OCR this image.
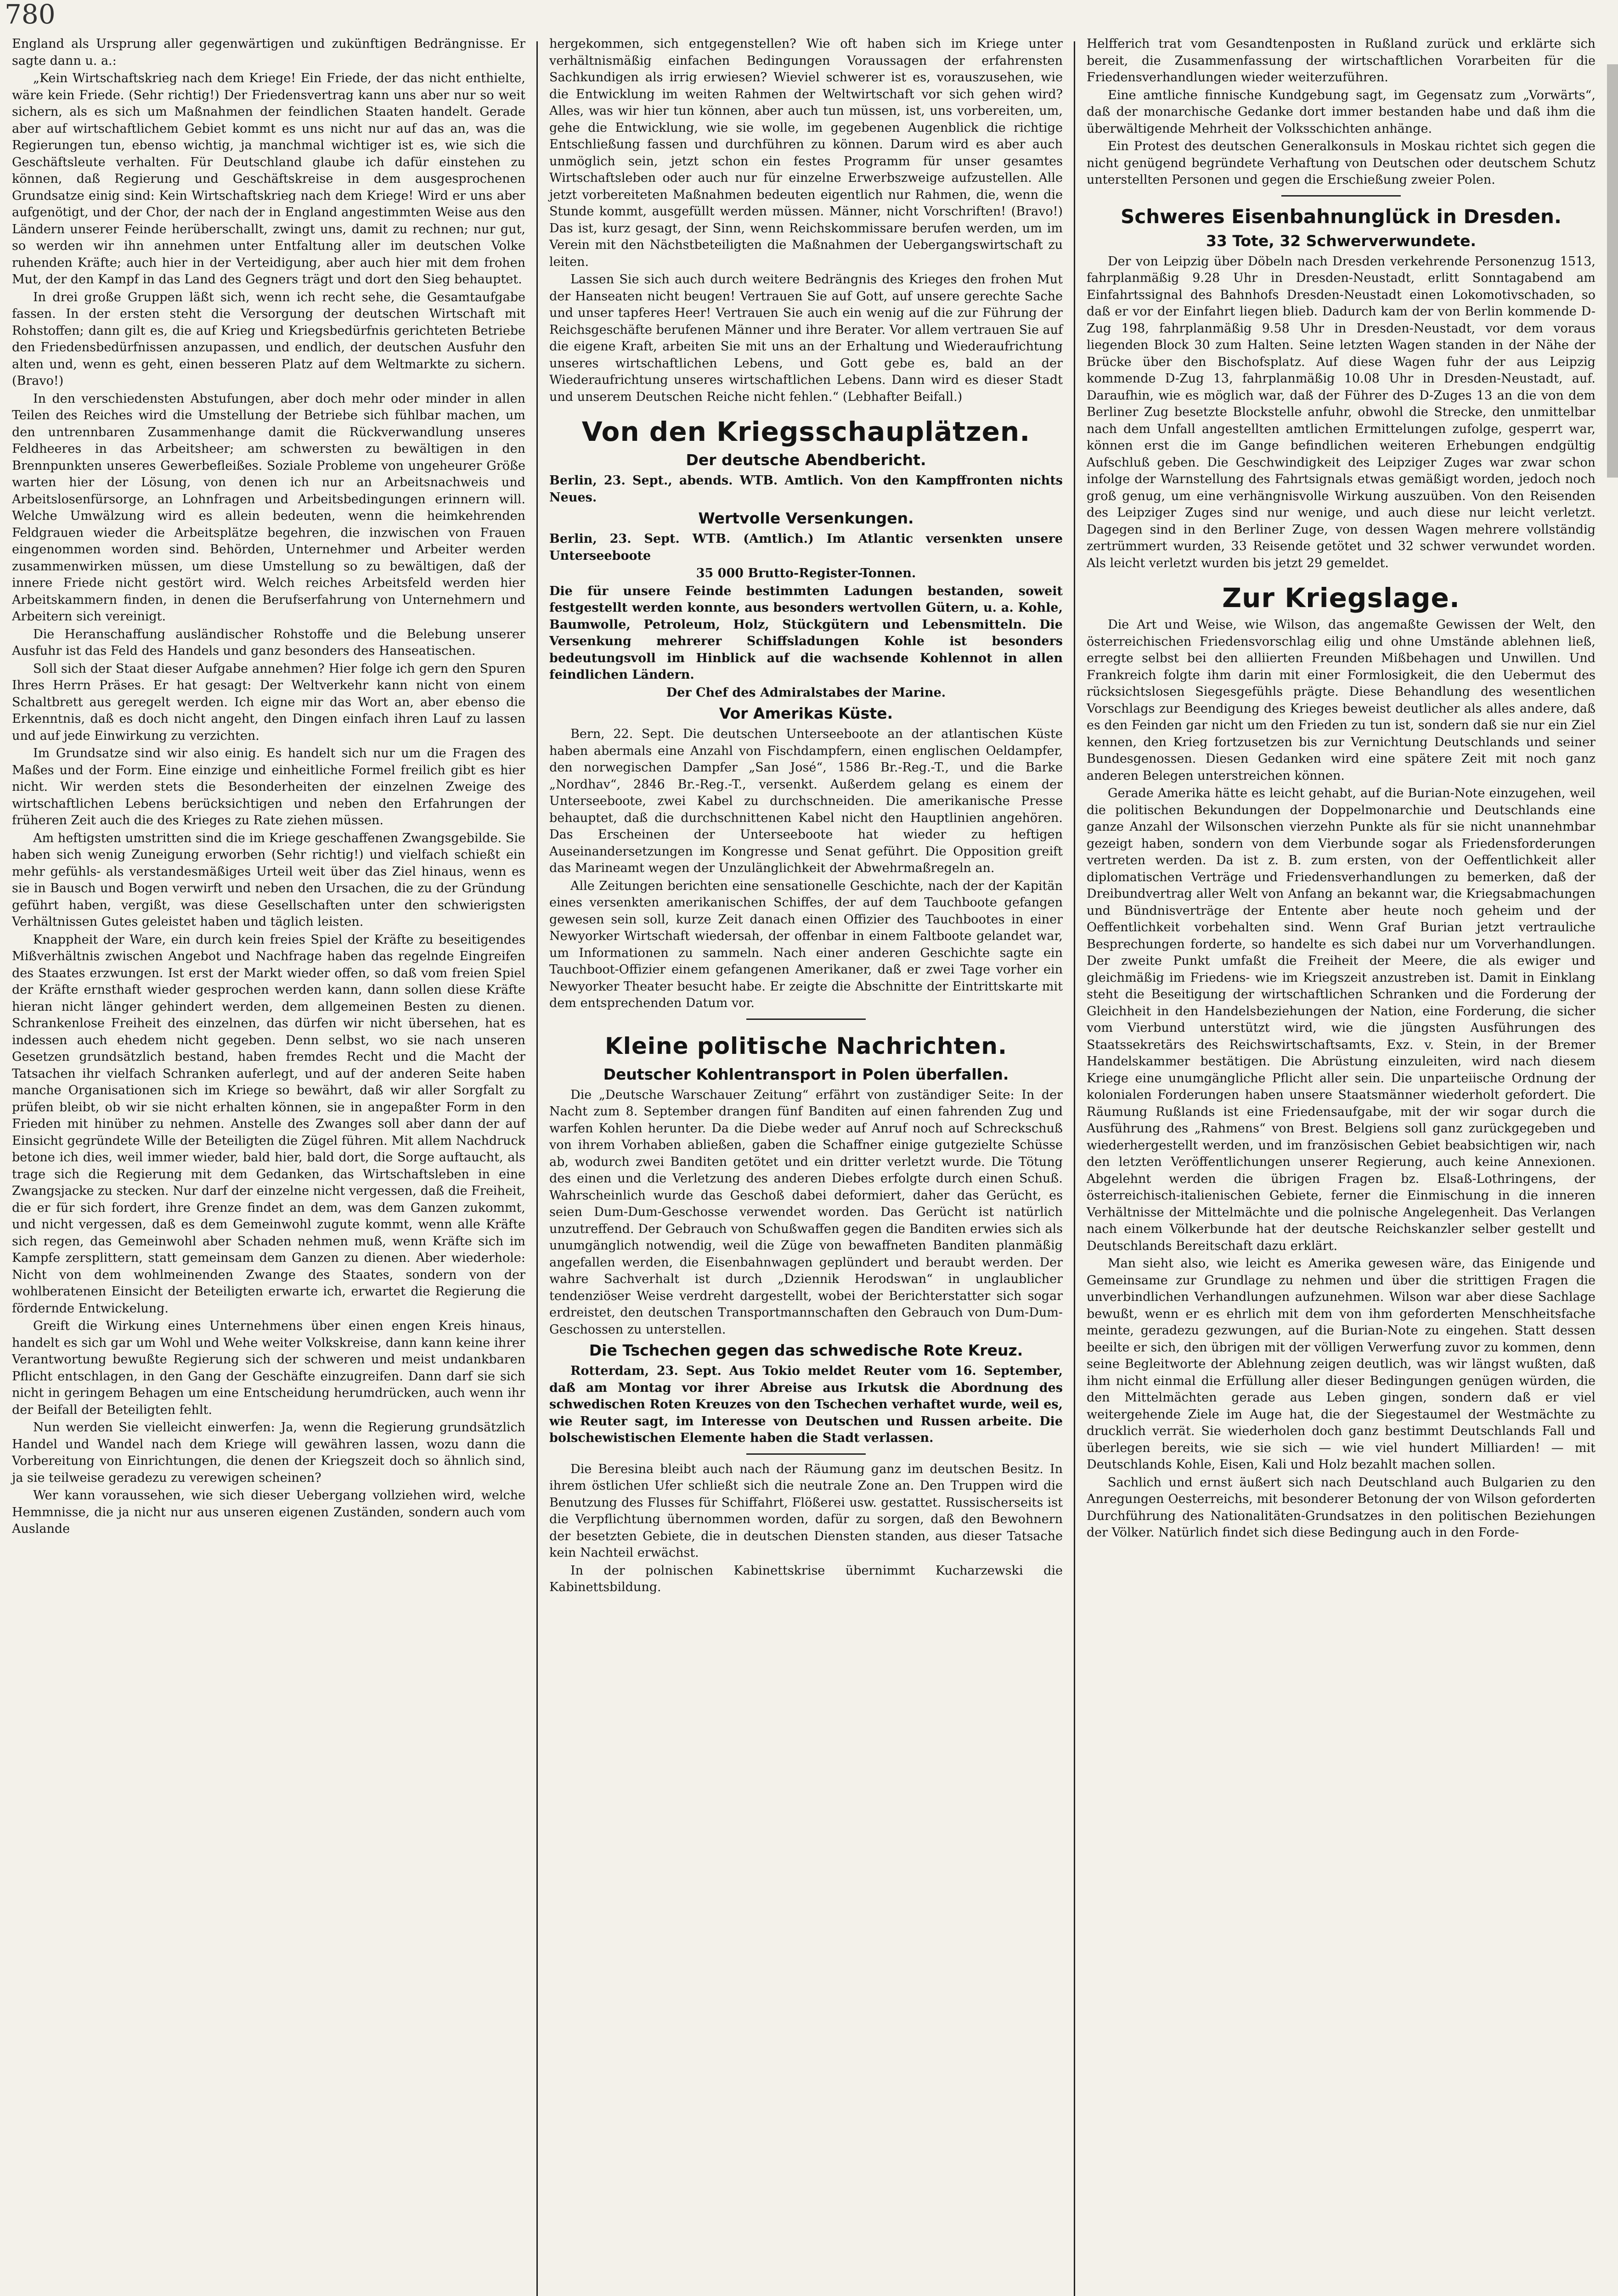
780

England als Ursprung aller gegenwärtigen und zukünftigen Bedrängnisse. Er sagte dann u. a.:

„Kein Wirtschaftskrieg nach dem Kriege! Ein Friede, der das nicht enthielte, wäre kein Friede. (Sehr richtig!) Der Friedensvertrag kann uns aber nur so weit sichern, als es sich um Maßnahmen der feindlichen Staaten handelt. Gerade aber auf wirtschaftlichem Gebiet kommt es uns nicht nur auf das an, was die Regierungen tun, ebenso wichtig, ja manchmal wichtiger ist es, wie sich die Geschäftsleute verhalten. Für Deutschland glaube ich dafür einstehen zu können, daß Regierung und Geschäftskreise in dem ausgesprochenen Grundsatze einig sind: Kein Wirtschaftskrieg nach dem Kriege! Wird er uns aber aufgenötigt, und der Chor, der nach der in England angestimmten Weise aus den Ländern unserer Feinde herüberschallt, zwingt uns, damit zu rechnen; nur gut, so werden wir ihn annehmen unter Entfaltung aller im deutschen Volke ruhenden Kräfte; auch hier in der Verteidigung, aber auch hier mit dem frohen Mut, der den Kampf in das Land des Gegners trägt und dort den Sieg behauptet.

In drei große Gruppen läßt sich, wenn ich recht sehe, die Gesamtaufgabe fassen. In der ersten steht die Versorgung der deutschen Wirtschaft mit Rohstoffen; dann gilt es, die auf Krieg und Kriegsbedürfnis gerichteten Betriebe den Friedensbedürfnissen anzupassen, und endlich, der deutschen Ausfuhr den alten und, wenn es geht, einen besseren Platz auf dem Weltmarkte zu sichern. (Bravo!)

In den verschiedensten Abstufungen, aber doch mehr oder minder in allen Teilen des Reiches wird die Umstellung der Betriebe sich fühlbar machen, um den untrennbaren Zusammenhange damit die Rückverwandlung unseres Feldheeres in das Arbeitsheer; am schwersten zu bewältigen in den Brennpunkten unseres Gewerbefleißes. Soziale Probleme von ungeheurer Größe warten hier der Lösung, von denen ich nur an Arbeitsnachweis und Arbeitslosenfürsorge, an Lohnfragen und Arbeitsbedingungen erinnern will. Welche Umwälzung wird es allein bedeuten, wenn die heimkehrenden Feldgrauen wieder die Arbeitsplätze begehren, die inzwischen von Frauen eingenommen worden sind. Behörden, Unternehmer und Arbeiter werden zusammenwirken müssen, um diese Umstellung so zu bewältigen, daß der innere Friede nicht gestört wird. Welch reiches Arbeitsfeld werden hier Arbeitskammern finden, in denen die Berufserfahrung von Unternehmern und Arbeitern sich vereinigt.

Die Heranschaffung ausländischer Rohstoffe und die Belebung unserer Ausfuhr ist das Feld des Handels und ganz besonders des Hanseatischen.

Soll sich der Staat dieser Aufgabe annehmen? Hier folge ich gern den Spuren Ihres Herrn Präses. Er hat gesagt: Der Weltverkehr kann nicht von einem Schaltbrett aus geregelt werden. Ich eigne mir das Wort an, aber ebenso die Erkenntnis, daß es doch nicht angeht, den Dingen einfach ihren Lauf zu lassen und auf jede Einwirkung zu verzichten.

Im Grundsatze sind wir also einig. Es handelt sich nur um die Fragen des Maßes und der Form. Eine einzige und einheitliche Formel freilich gibt es hier nicht. Wir werden stets die Besonderheiten der einzelnen Zweige des wirtschaftlichen Lebens berücksichtigen und neben den Erfahrungen der früheren Zeit auch die des Krieges zu Rate ziehen müssen.

Am heftigsten umstritten sind die im Kriege geschaffenen Zwangsgebilde. Sie haben sich wenig Zuneigung erworben (Sehr richtig!) und vielfach schießt ein mehr gefühls- als verstandesmäßiges Urteil weit über das Ziel hinaus, wenn es sie in Bausch und Bogen verwirft und neben den Ursachen, die zu der Gründung geführt haben, vergißt, was diese Gesellschaften unter den schwierigsten Verhältnissen Gutes geleistet haben und täglich leisten.

Knappheit der Ware, ein durch kein freies Spiel der Kräfte zu beseitigendes Mißverhältnis zwischen Angebot und Nachfrage haben das regelnde Eingreifen des Staates erzwungen. Ist erst der Markt wieder offen, so daß vom freien Spiel der Kräfte ernsthaft wieder gesprochen werden kann, dann sollen diese Kräfte hieran nicht länger gehindert werden, dem allgemeinen Besten zu dienen. Schrankenlose Freiheit des einzelnen, das dürfen wir nicht übersehen, hat es indessen auch ehedem nicht gegeben. Denn selbst, wo sie nach unseren Gesetzen grundsätzlich bestand, haben fremdes Recht und die Macht der Tatsachen ihr vielfach Schranken auferlegt, und auf der anderen Seite haben manche Organisationen sich im Kriege so bewährt, daß wir aller Sorgfalt zu prüfen bleibt, ob wir sie nicht erhalten können, sie in angepaßter Form in den Frieden mit hinüber zu nehmen. Anstelle des Zwanges soll aber dann der auf Einsicht gegründete Wille der Beteiligten die Zügel führen. Mit allem Nachdruck betone ich dies, weil immer wieder, bald hier, bald dort, die Sorge auftaucht, als trage sich die Regierung mit dem Gedanken, das Wirtschaftsleben in eine Zwangsjacke zu stecken. Nur darf der einzelne nicht vergessen, daß die Freiheit, die er für sich fordert, ihre Grenze findet an dem, was dem Ganzen zukommt, und nicht vergessen, daß es dem Gemeinwohl zugute kommt, wenn alle Kräfte sich regen, das Gemeinwohl aber Schaden nehmen muß, wenn Kräfte sich im Kampfe zersplittern, statt gemeinsam dem Ganzen zu dienen. Aber wiederhole: Nicht von dem wohlmeinenden Zwange des Staates, sondern von der wohlberatenen Einsicht der Beteiligten erwarte ich, erwartet die Regierung die fördernde Entwickelung.

Greift die Wirkung eines Unternehmens über einen engen Kreis hinaus, handelt es sich gar um Wohl und Wehe weiter Volkskreise, dann kann keine ihrer Verantwortung bewußte Regierung sich der schweren und meist undankbaren Pflicht entschlagen, in den Gang der Geschäfte einzugreifen. Dann darf sie sich nicht in geringem Behagen um eine Entscheidung herumdrücken, auch wenn ihr der Beifall der Beteiligten fehlt.

Nun werden Sie vielleicht einwerfen: Ja, wenn die Regierung grundsätzlich Handel und Wandel nach dem Kriege will gewähren lassen, wozu dann die Vorbereitung von Einrichtungen, die denen der Kriegszeit doch so ähnlich sind, ja sie teilweise geradezu zu verewigen scheinen?

Wer kann voraussehen, wie sich dieser Uebergang vollziehen wird, welche Hemmnisse, die ja nicht nur aus unseren eigenen Zuständen, sondern auch vom Auslande

hergekommen, sich entgegenstellen? Wie oft haben sich im Kriege unter verhältnismäßig einfachen Bedingungen Voraussagen der erfahrensten Sachkundigen als irrig erwiesen? Wieviel schwerer ist es, vorauszusehen, wie die Entwicklung im weiten Rahmen der Weltwirtschaft vor sich gehen wird? Alles, was wir hier tun können, aber auch tun müssen, ist, uns vorbereiten, um, gehe die Entwicklung, wie sie wolle, im gegebenen Augenblick die richtige Entschließung fassen und durchführen zu können. Darum wird es aber auch unmöglich sein, jetzt schon ein festes Programm für unser gesamtes Wirtschaftsleben oder auch nur für einzelne Erwerbszweige aufzustellen. Alle jetzt vorbereiteten Maßnahmen bedeuten eigentlich nur Rahmen, die, wenn die Stunde kommt, ausgefüllt werden müssen. Männer, nicht Vorschriften! (Bravo!) Das ist, kurz gesagt, der Sinn, wenn Reichskommissare berufen werden, um im Verein mit den Nächstbeteiligten die Maßnahmen der Uebergangswirtschaft zu leiten.

Lassen Sie sich auch durch weitere Bedrängnis des Krieges den frohen Mut der Hanseaten nicht beugen! Vertrauen Sie auf Gott, auf unsere gerechte Sache und unser tapferes Heer! Vertrauen Sie auch ein wenig auf die zur Führung der Reichsgeschäfte berufenen Männer und ihre Berater. Vor allem vertrauen Sie auf die eigene Kraft, arbeiten Sie mit uns an der Erhaltung und Wiederaufrichtung unseres wirtschaftlichen Lebens, und Gott gebe es, bald an der Wiederaufrichtung unseres wirtschaftlichen Lebens. Dann wird es dieser Stadt und unserem Deutschen Reiche nicht fehlen.“ (Lebhafter Beifall.)

Von den Kriegsschauplätzen.
Der deutsche Abendbericht.

Berlin, 23. Sept., abends. WTB. Amtlich. Von den Kampffronten nichts Neues.

Wertvolle Versenkungen.

Berlin, 23. Sept. WTB. (Amtlich.) Im Atlantic versenkten unsere Unterseeboote

35 000 Brutto-Register-Tonnen.

Die für unsere Feinde bestimmten Ladungen bestanden, soweit festgestellt werden konnte, aus besonders wertvollen Gütern, u. a. Kohle, Baumwolle, Petroleum, Holz, Stückgütern und Lebensmitteln. Die Versenkung mehrerer Schiffsladungen Kohle ist besonders bedeutungsvoll im Hinblick auf die wachsende Kohlennot in allen feindlichen Ländern.

Der Chef des Admiralstabes der Marine.

Vor Amerikas Küste.

Bern, 22. Sept. Die deutschen Unterseeboote an der atlantischen Küste haben abermals eine Anzahl von Fischdampfern, einen englischen Oeldampfer, den norwegischen Dampfer „San José“, 1586 Br.-Reg.-T., und die Barke „Nordhav“, 2846 Br.-Reg.-T., versenkt. Außerdem gelang es einem der Unterseeboote, zwei Kabel zu durchschneiden. Die amerikanische Presse behauptet, daß die durchschnittenen Kabel nicht den Hauptlinien angehören. Das Erscheinen der Unterseeboote hat wieder zu heftigen Auseinandersetzungen im Kongresse und Senat geführt. Die Opposition greift das Marineamt wegen der Unzulänglichkeit der Abwehrmaßregeln an.

Alle Zeitungen berichten eine sensationelle Geschichte, nach der der Kapitän eines versenkten amerikanischen Schiffes, der auf dem Tauchboote gefangen gewesen sein soll, kurze Zeit danach einen Offizier des Tauchbootes in einer Newyorker Wirtschaft wiedersah, der offenbar in einem Faltboote gelandet war, um Informationen zu sammeln. Nach einer anderen Geschichte sagte ein Tauchboot-Offizier einem gefangenen Amerikaner, daß er zwei Tage vorher ein Newyorker Theater besucht habe. Er zeigte die Abschnitte der Eintrittskarte mit dem entsprechenden Datum vor.

Kleine politische Nachrichten.
Deutscher Kohlentransport in Polen überfallen.

Die „Deutsche Warschauer Zeitung“ erfährt von zuständiger Seite: In der Nacht zum 8. September drangen fünf Banditen auf einen fahrenden Zug und warfen Kohlen herunter. Da die Diebe weder auf Anruf noch auf Schreckschuß von ihrem Vorhaben abließen, gaben die Schaffner einige gutgezielte Schüsse ab, wodurch zwei Banditen getötet und ein dritter verletzt wurde. Die Tötung des einen und die Verletzung des anderen Diebes erfolgte durch einen Schuß. Wahrscheinlich wurde das Geschoß dabei deformiert, daher das Gerücht, es seien Dum-Dum-Geschosse verwendet worden. Das Gerücht ist natürlich unzutreffend. Der Gebrauch von Schußwaffen gegen die Banditen erwies sich als unumgänglich notwendig, weil die Züge von bewaffneten Banditen planmäßig angefallen werden, die Eisenbahnwagen geplündert und beraubt werden. Der wahre Sachverhalt ist durch „Dziennik Herodswan“ in unglaublicher tendenziöser Weise verdreht dargestellt, wobei der Berichterstatter sich sogar erdreistet, den deutschen Transportmannschaften den Gebrauch von Dum-Dum-Geschossen zu unterstellen.

Die Tschechen gegen das schwedische Rote Kreuz.

Rotterdam, 23. Sept. Aus Tokio meldet Reuter vom 16. September, daß am Montag vor ihrer Abreise aus Irkutsk die Abordnung des schwedischen Roten Kreuzes von den Tschechen verhaftet wurde, weil es, wie Reuter sagt, im Interesse von Deutschen und Russen arbeite. Die bolschewistischen Elemente haben die Stadt verlassen.

Die Beresina bleibt auch nach der Räumung ganz im deutschen Besitz. In ihrem östlichen Ufer schließt sich die neutrale Zone an. Den Truppen wird die Benutzung des Flusses für Schiffahrt, Flößerei usw. gestattet. Russischerseits ist die Verpflichtung übernommen worden, dafür zu sorgen, daß den Bewohnern der besetzten Gebiete, die in deutschen Diensten standen, aus dieser Tatsache kein Nachteil erwächst.

In der polnischen Kabinettskrise übernimmt Kucharzewski die Kabinettsbildung.

Helfferich trat vom Gesandtenposten in Rußland zurück und erklärte sich bereit, die Zusammenfassung der wirtschaftlichen Vorarbeiten für die Friedensverhandlungen wieder weiterzuführen.

Eine amtliche finnische Kundgebung sagt, im Gegensatz zum „Vorwärts“, daß der monarchische Gedanke dort immer bestanden habe und daß ihm die überwältigende Mehrheit der Volksschichten anhänge.

Ein Protest des deutschen Generalkonsuls in Moskau richtet sich gegen die nicht genügend begründete Verhaftung von Deutschen oder deutschem Schutz unterstellten Personen und gegen die Erschießung zweier Polen.

Schweres Eisenbahnunglück in Dresden.
33 Tote, 32 Schwerverwundete.

Der von Leipzig über Döbeln nach Dresden verkehrende Personenzug 1513, fahrplanmäßig 9.28 Uhr in Dresden-Neustadt, erlitt Sonntagabend am Einfahrtssignal des Bahnhofs Dresden-Neustadt einen Lokomotivschaden, so daß er vor der Einfahrt liegen blieb. Dadurch kam der von Berlin kommende D-Zug 198, fahrplanmäßig 9.58 Uhr in Dresden-Neustadt, vor dem voraus liegenden Block 30 zum Halten. Seine letzten Wagen standen in der Nähe der Brücke über den Bischofsplatz. Auf diese Wagen fuhr der aus Leipzig kommende D-Zug 13, fahrplanmäßig 10.08 Uhr in Dresden-Neustadt, auf. Daraufhin, wie es möglich war, daß der Führer des D-Zuges 13 an die von dem Berliner Zug besetzte Blockstelle anfuhr, obwohl die Strecke, den unmittelbar nach dem Unfall angestellten amtlichen Ermittelungen zufolge, gesperrt war, können erst die im Gange befindlichen weiteren Erhebungen endgültig Aufschluß geben. Die Geschwindigkeit des Leipziger Zuges war zwar schon infolge der Warnstellung des Fahrtsignals etwas gemäßigt worden, jedoch noch groß genug, um eine verhängnisvolle Wirkung auszuüben. Von den Reisenden des Leipziger Zuges sind nur wenige, und auch diese nur leicht verletzt. Dagegen sind in den Berliner Zuge, von dessen Wagen mehrere vollständig zertrümmert wurden, 33 Reisende getötet und 32 schwer verwundet worden. Als leicht verletzt wurden bis jetzt 29 gemeldet.

Zur Kriegslage.

Die Art und Weise, wie Wilson, das angemaßte Gewissen der Welt, den österreichischen Friedensvorschlag eilig und ohne Umstände ablehnen ließ, erregte selbst bei den alliierten Freunden Mißbehagen und Unwillen. Und Frankreich folgte ihm darin mit einer Formlosigkeit, die den Uebermut des rücksichtslosen Siegesgefühls prägte. Diese Behandlung des wesentlichen Vorschlags zur Beendigung des Krieges beweist deutlicher als alles andere, daß es den Feinden gar nicht um den Frieden zu tun ist, sondern daß sie nur ein Ziel kennen, den Krieg fortzusetzen bis zur Vernichtung Deutschlands und seiner Bundesgenossen. Diesen Gedanken wird eine spätere Zeit mit noch ganz anderen Belegen unterstreichen können.

Gerade Amerika hätte es leicht gehabt, auf die Burian-Note einzugehen, weil die politischen Bekundungen der Doppelmonarchie und Deutschlands eine ganze Anzahl der Wilsonschen vierzehn Punkte als für sie nicht unannehmbar gezeigt haben, sondern von dem Vierbunde sogar als Friedensforderungen vertreten werden. Da ist z. B. zum ersten, von der Oeffentlichkeit aller diplomatischen Verträge und Friedensverhandlungen zu bemerken, daß der Dreibundvertrag aller Welt von Anfang an bekannt war, die Kriegsabmachungen und Bündnisverträge der Entente aber heute noch geheim und der Oeffentlichkeit vorbehalten sind. Wenn Graf Burian jetzt vertrauliche Besprechungen forderte, so handelte es sich dabei nur um Vorverhandlungen. Der zweite Punkt umfaßt die Freiheit der Meere, die als ewiger und gleichmäßig im Friedens- wie im Kriegszeit anzustreben ist. Damit in Einklang steht die Beseitigung der wirtschaftlichen Schranken und die Forderung der Gleichheit in den Handelsbeziehungen der Nation, eine Forderung, die sicher vom Vierbund unterstützt wird, wie die jüngsten Ausführungen des Staatssekretärs des Reichswirtschaftsamts, Exz. v. Stein, in der Bremer Handelskammer bestätigen. Die Abrüstung einzuleiten, wird nach diesem Kriege eine unumgängliche Pflicht aller sein. Die unparteiische Ordnung der kolonialen Forderungen haben unsere Staatsmänner wiederholt gefordert. Die Räumung Rußlands ist eine Friedensaufgabe, mit der wir sogar durch die Ausführung des „Rahmens“ von Brest. Belgiens soll ganz zurückgegeben und wiederhergestellt werden, und im französischen Gebiet beabsichtigen wir, nach den letzten Veröffentlichungen unserer Regierung, auch keine Annexionen. Abgelehnt werden die übrigen Fragen bz. Elsaß-Lothringens, der österreichisch-italienischen Gebiete, ferner die Einmischung in die inneren Verhältnisse der Mittelmächte und die polnische Angelegenheit. Das Verlangen nach einem Völkerbunde hat der deutsche Reichskanzler selber gestellt und Deutschlands Bereitschaft dazu erklärt.

Man sieht also, wie leicht es Amerika gewesen wäre, das Einigende und Gemeinsame zur Grundlage zu nehmen und über die strittigen Fragen die unverbindlichen Verhandlungen aufzunehmen. Wilson war aber diese Sachlage bewußt, wenn er es ehrlich mit dem von ihm geforderten Menschheitsfache meinte, geradezu gezwungen, auf die Burian-Note zu eingehen. Statt dessen beeilte er sich, den übrigen mit der völligen Verwerfung zuvor zu kommen, denn seine Begleitworte der Ablehnung zeigen deutlich, was wir längst wußten, daß ihm nicht einmal die Erfüllung aller dieser Bedingungen genügen würden, die den Mittelmächten gerade aus Leben gingen, sondern daß er viel weitergehende Ziele im Auge hat, die der Siegestaumel der Westmächte zu drucklich verrät. Sie wiederholen doch ganz bestimmt Deutschlands Fall und überlegen bereits, wie sie sich — wie viel hundert Milliarden! — mit Deutschlands Kohle, Eisen, Kali und Holz bezahlt machen sollen.

Sachlich und ernst äußert sich nach Deutschland auch Bulgarien zu den Anregungen Oesterreichs, mit besonderer Betonung der von Wilson geforderten Durchführung des Nationalitäten-Grundsatzes in den politischen Beziehungen der Völker. Natürlich findet sich diese Bedingung auch in den Forde-
